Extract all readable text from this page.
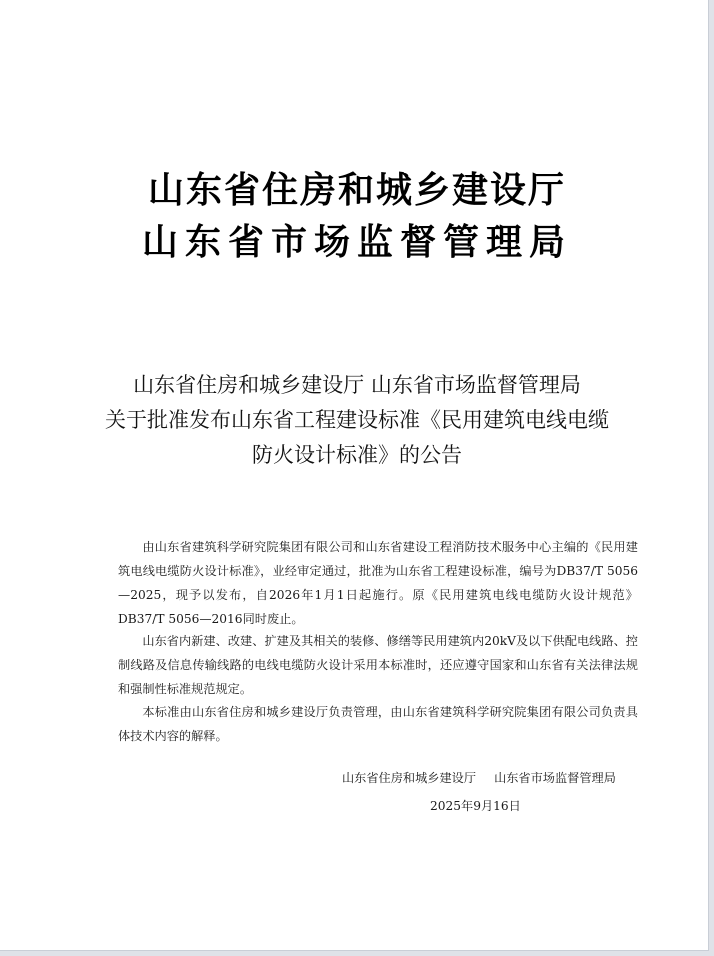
山东省住房和城乡建设厅
山东省市场监督管理局
山东省住房和城乡建设厅 山东省市场监督管理局
关于批准发布山东省工程建设标准《民用建筑电线电缆
防火设计标准》的公告

由山东省建筑科学研究院集团有限公司和山东省建设工程消防技术服务中心主编的《民用建筑电线电缆防火设计标准》，业经审定通过，批准为山东省工程建设标准，编号为DB37/T 5056—2025，现予以发布，自2026年1月1日起施行。原《民用建筑电线电缆防火设计规范》DB37/T 5056—2016同时废止。

山东省内新建、改建、扩建及其相关的装修、修缮等民用建筑内20kV及以下供配电线路、控制线路及信息传输线路的电线电缆防火设计采用本标准时，还应遵守国家和山东省有关法律法规和强制性标准规范规定。

本标准由山东省住房和城乡建设厅负责管理，由山东省建筑科学研究院集团有限公司负责具体技术内容的解释。

山东省住房和城乡建设厅 山东省市场监督管理局
2025年9月16日
